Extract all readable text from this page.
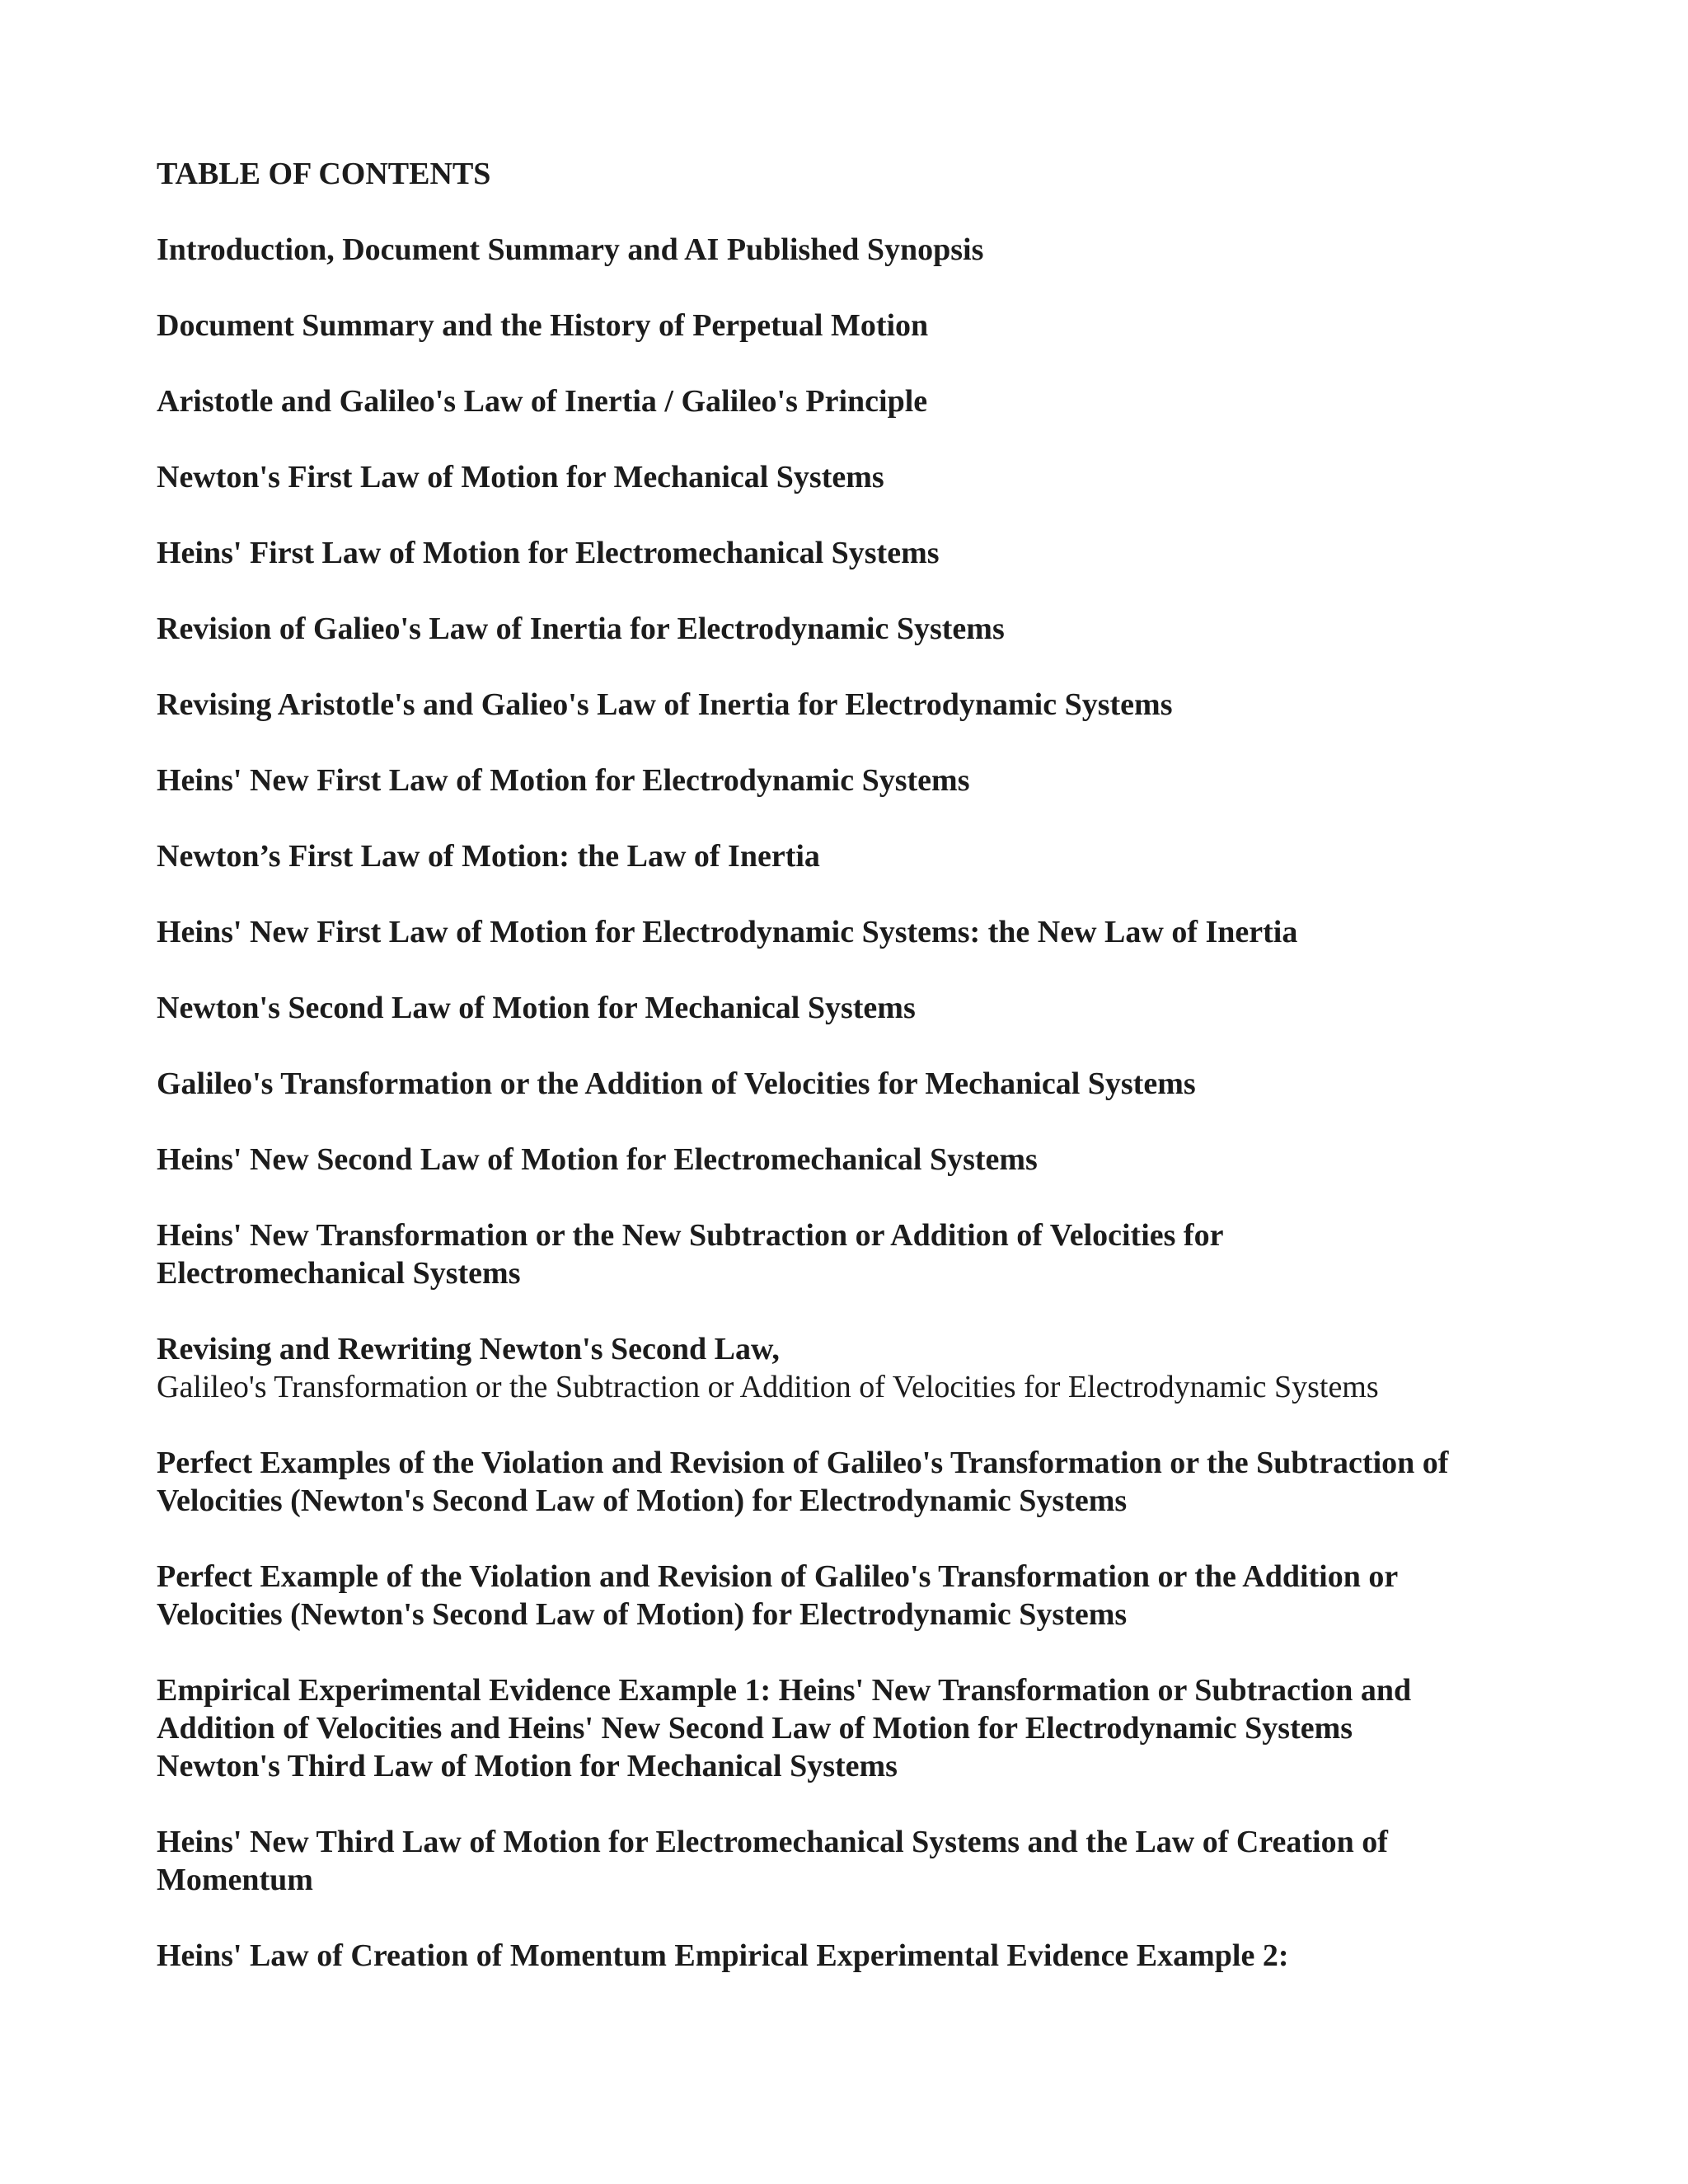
TABLE OF CONTENTS
Introduction, Document Summary and AI Published Synopsis
Document Summary and the History of Perpetual Motion
Aristotle and Galileo's Law of Inertia / Galileo's Principle
Newton's First Law of Motion for Mechanical Systems
Heins' First Law of Motion for Electromechanical Systems
Revision of Galieo's Law of Inertia for Electrodynamic Systems
Revising Aristotle's and Galieo's Law of Inertia for Electrodynamic Systems
Heins' New First Law of Motion for Electrodynamic Systems
Newton’s First Law of Motion: the Law of Inertia
Heins' New First Law of Motion for Electrodynamic Systems: the New Law of Inertia
Newton's Second Law of Motion for Mechanical Systems
Galileo's Transformation or the Addition of Velocities for Mechanical Systems
Heins' New Second Law of Motion for Electromechanical Systems
Heins' New Transformation or the New Subtraction or Addition of Velocities for
Electromechanical Systems
Revising and Rewriting Newton's Second Law,
Galileo's Transformation or the Subtraction or Addition of Velocities for Electrodynamic Systems
Perfect Examples of the Violation and Revision of Galileo's Transformation or the Subtraction of
Velocities (Newton's Second Law of Motion) for Electrodynamic Systems
Perfect Example of the Violation and Revision of Galileo's Transformation or the Addition or
Velocities (Newton's Second Law of Motion) for Electrodynamic Systems
Empirical Experimental Evidence Example 1: Heins' New Transformation or Subtraction and
Addition of Velocities and Heins' New Second Law of Motion for Electrodynamic Systems
Newton's Third Law of Motion for Mechanical Systems
Heins' New Third Law of Motion for Electromechanical Systems and the Law of Creation of
Momentum
Heins' Law of Creation of Momentum Empirical Experimental Evidence Example 2:
